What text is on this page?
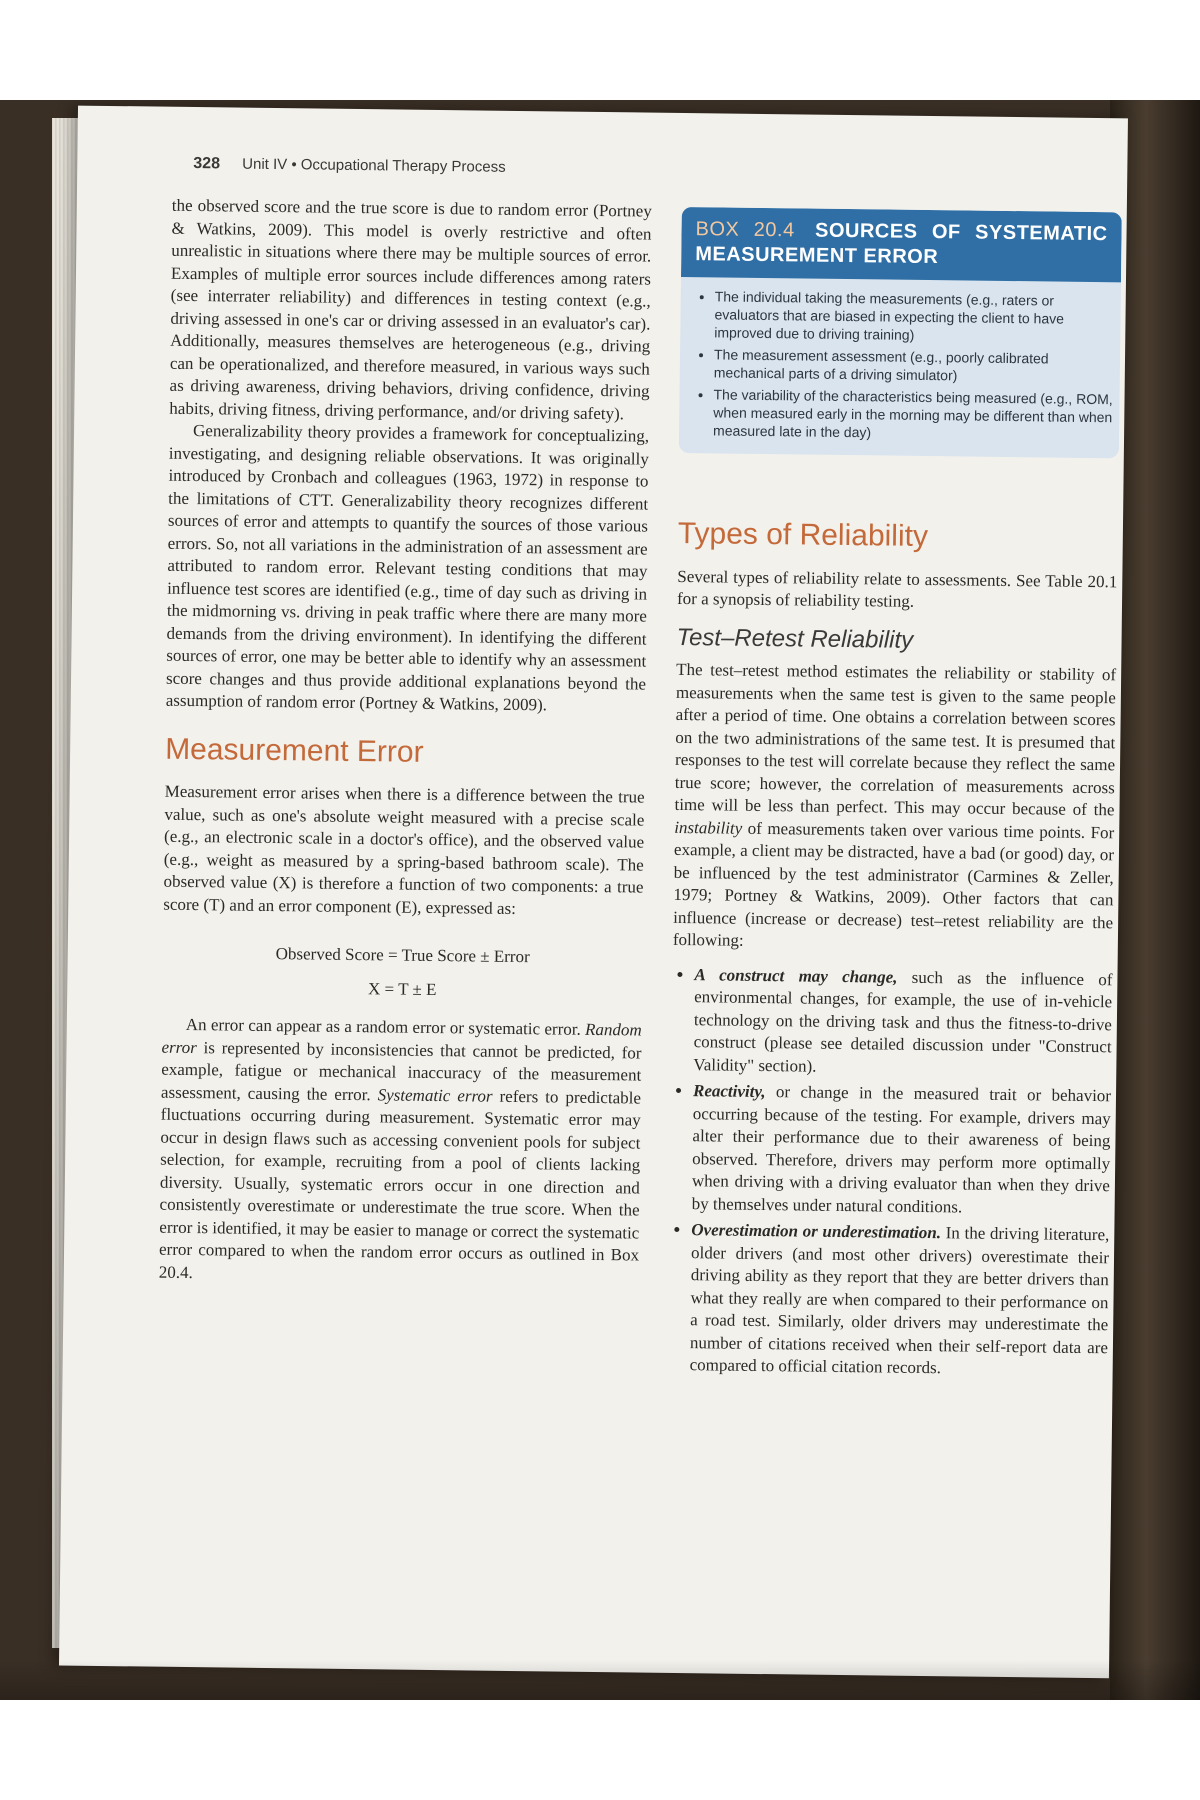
328 Unit IV • Occupational Therapy Process

the observed score and the true score is due to random error (Portney & Watkins, 2009). This model is overly restrictive and often unrealistic in situations where there may be multiple sources of error. Examples of multiple error sources include differences among raters (see interrater reliability) and differences in testing context (e.g., driving assessed in one's car or driving assessed in an evaluator's car). Additionally, measures themselves are heterogeneous (e.g., driving can be operationalized, and therefore measured, in various ways such as driving awareness, driving behaviors, driving confidence, driving habits, driving fitness, driving performance, and/or driving safety).

Generalizability theory provides a framework for conceptualizing, investigating, and designing reliable observations. It was originally introduced by Cronbach and colleagues (1963, 1972) in response to the limitations of CTT. Generalizability theory recognizes different sources of error and attempts to quantify the sources of those various errors. So, not all variations in the administration of an assessment are attributed to random error. Relevant testing conditions that may influence test scores are identified (e.g., time of day such as driving in the midmorning vs. driving in peak traffic where there are many more demands from the driving environment). In identifying the different sources of error, one may be better able to identify why an assessment score changes and thus provide additional explanations beyond the assumption of random error (Portney & Watkins, 2009).

Measurement Error

Measurement error arises when there is a difference between the true value, such as one's absolute weight measured with a precise scale (e.g., an electronic scale in a doctor's office), and the observed value (e.g., weight as measured by a spring-based bathroom scale). The observed value (X) is therefore a function of two components: a true score (T) and an error component (E), expressed as:

Observed Score = True Score ± Error
X = T ± E

An error can appear as a random error or systematic error. Random error is represented by inconsistencies that cannot be predicted, for example, fatigue or mechanical inaccuracy of the measurement assessment, causing the error. Systematic error refers to predictable fluctuations occurring during measurement. Systematic error may occur in design flaws such as accessing convenient pools for subject selection, for example, recruiting from a pool of clients lacking diversity. Usually, systematic errors occur in one direction and consistently overestimate or underestimate the true score. When the error is identified, it may be easier to manage or correct the systematic error compared to when the random error occurs as outlined in Box 20.4.

BOX 20.4 SOURCES OF SYSTEMATIC MEASUREMENT ERROR
• The individual taking the measurements (e.g., raters or evaluators that are biased in expecting the client to have improved due to driving training)
• The measurement assessment (e.g., poorly calibrated mechanical parts of a driving simulator)
• The variability of the characteristics being measured (e.g., ROM, when measured early in the morning may be different than when measured late in the day)
Types of Reliability

Several types of reliability relate to assessments. See Table 20.1 for a synopsis of reliability testing.

Test–Retest Reliability

The test–retest method estimates the reliability or stability of measurements when the same test is given to the same people after a period of time. One obtains a correlation between scores on the two administrations of the same test. It is presumed that responses to the test will correlate because they reflect the same true score; however, the correlation of measurements across time will be less than perfect. This may occur because of the instability of measurements taken over various time points. For example, a client may be distracted, have a bad (or good) day, or be influenced by the test administrator (Carmines & Zeller, 1979; Portney & Watkins, 2009). Other factors that can influence (increase or decrease) test–retest reliability are the following:

• A construct may change, such as the influence of environmental changes, for example, the use of in-vehicle technology on the driving task and thus the fitness-to-drive construct (please see detailed discussion under "Construct Validity" section).
• Reactivity, or change in the measured trait or behavior occurring because of the testing. For example, drivers may alter their performance due to their awareness of being observed. Therefore, drivers may perform more optimally when driving with a driving evaluator than when they drive by themselves under natural conditions.
• Overestimation or underestimation. In the driving literature, older drivers (and most other drivers) overestimate their driving ability as they report that they are better drivers than what they really are when compared to their performance on a road test. Similarly, older drivers may underestimate the number of citations received when their self-report data are compared to official citation records.
